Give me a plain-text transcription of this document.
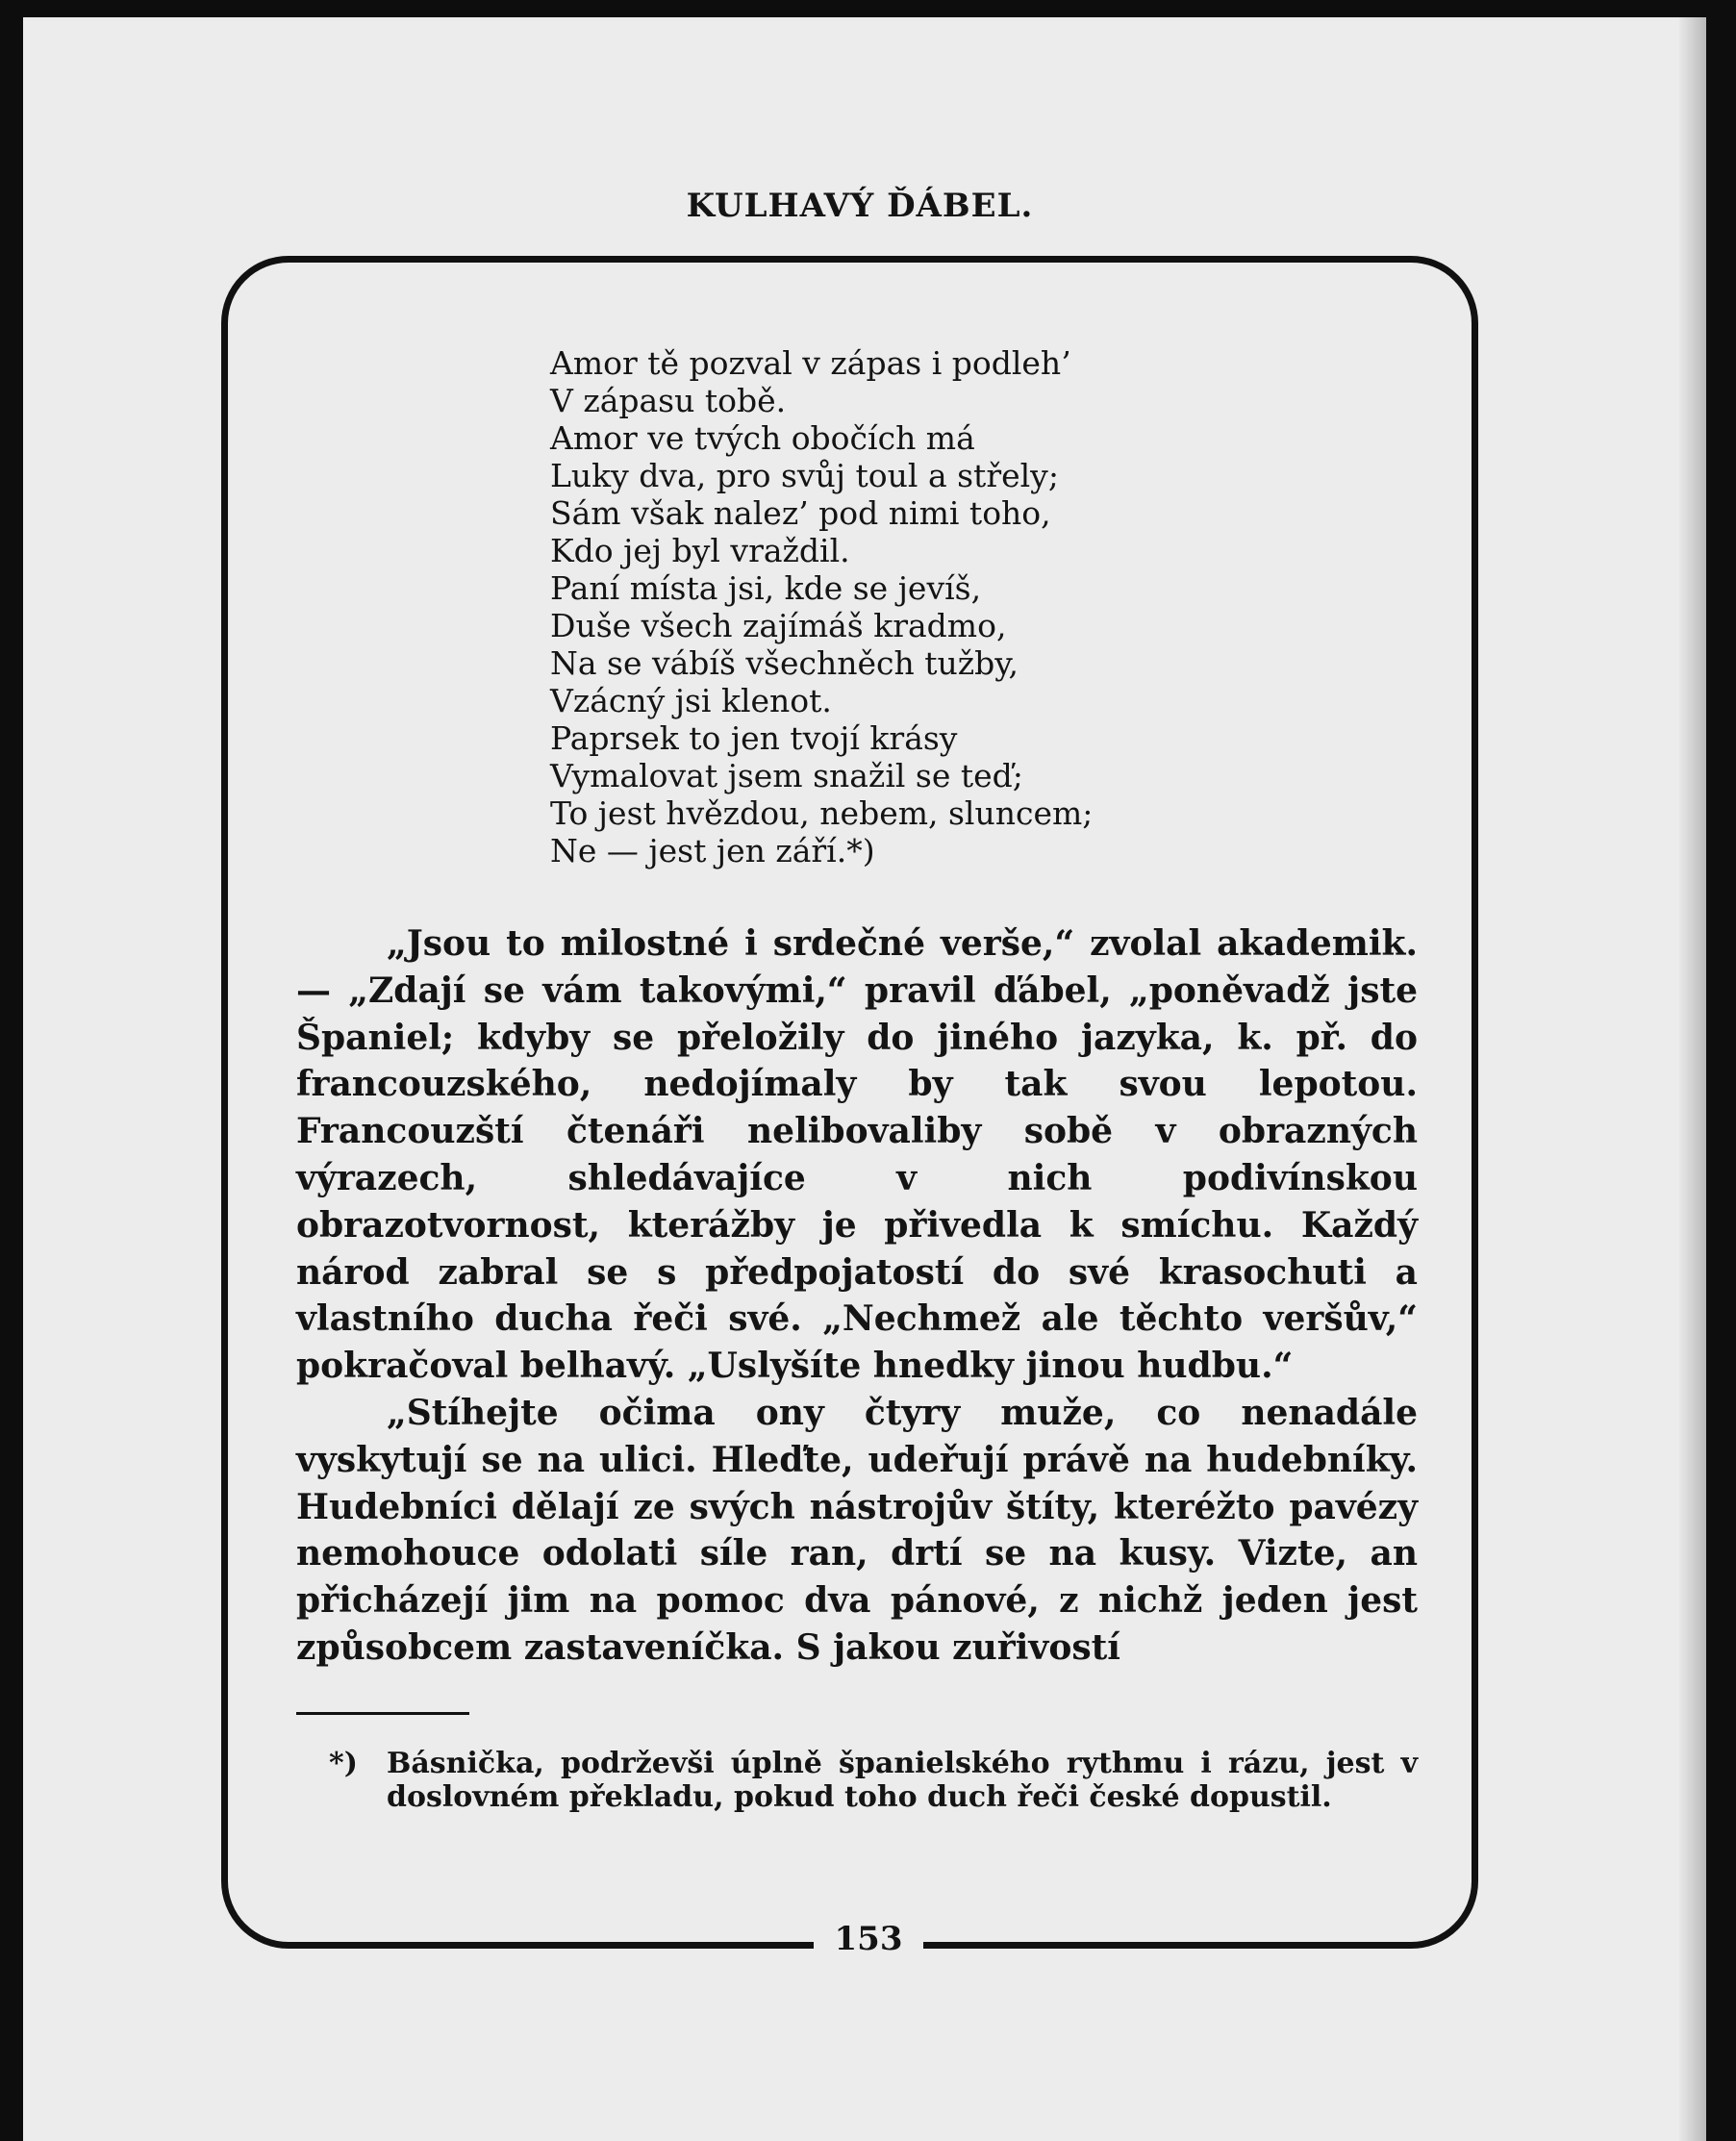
KULHAVÝ ĎÁBEL.
Amor tě pozval v zápas i podleh’
V zápasu tobě.
Amor ve tvých obočích má
Luky dva, pro svůj toul a střely;
Sám však nalez’ pod nimi toho,
Kdo jej byl vraždil.
Paní místa jsi, kde se jevíš,
Duše všech zajímáš kradmo,
Na se vábíš všechněch tužby,
Vzácný jsi klenot.
Paprsek to jen tvojí krásy
Vymalovat jsem snažil se teď;
To jest hvězdou, nebem, sluncem;
Ne — jest jen září.*)

„Jsou to milostné i srdečné verše,“ zvolal akademik. — „Zdají se vám takovými,“ pravil ďábel, „poněvadž jste Španiel; kdyby se přeložily do jiného jazyka, k. př. do francouzského, nedojímaly by tak svou lepotou. Francouzští čtenáři nelibovaliby sobě v obrazných výrazech, shledávajíce v nich podivínskou obrazotvornost, kterážby je přivedla k smíchu. Každý národ zabral se s předpojatostí do své krasochuti a vlastního ducha řeči své. „Nechmež ale těchto veršův,“ pokračoval belhavý. „Uslyšíte hnedky jinou hudbu.“

„Stíhejte očima ony čtyry muže, co nenadále vyskytují se na ulici. Hleďte, udeřují právě na hudebníky. Hudebníci dělají ze svých nástrojův štíty, kteréžto pavézy nemohouce odolati síle ran, drtí se na kusy. Vizte, an přicházejí jim na pomoc dva pánové, z nichž jeden jest způsobcem zastaveníčka. S jakou zuřivostí

*)	Básnička, podrževši úplně španielského rythmu i rázu, jest v doslovném překladu, pokud toho duch řeči české dopustil.
153
